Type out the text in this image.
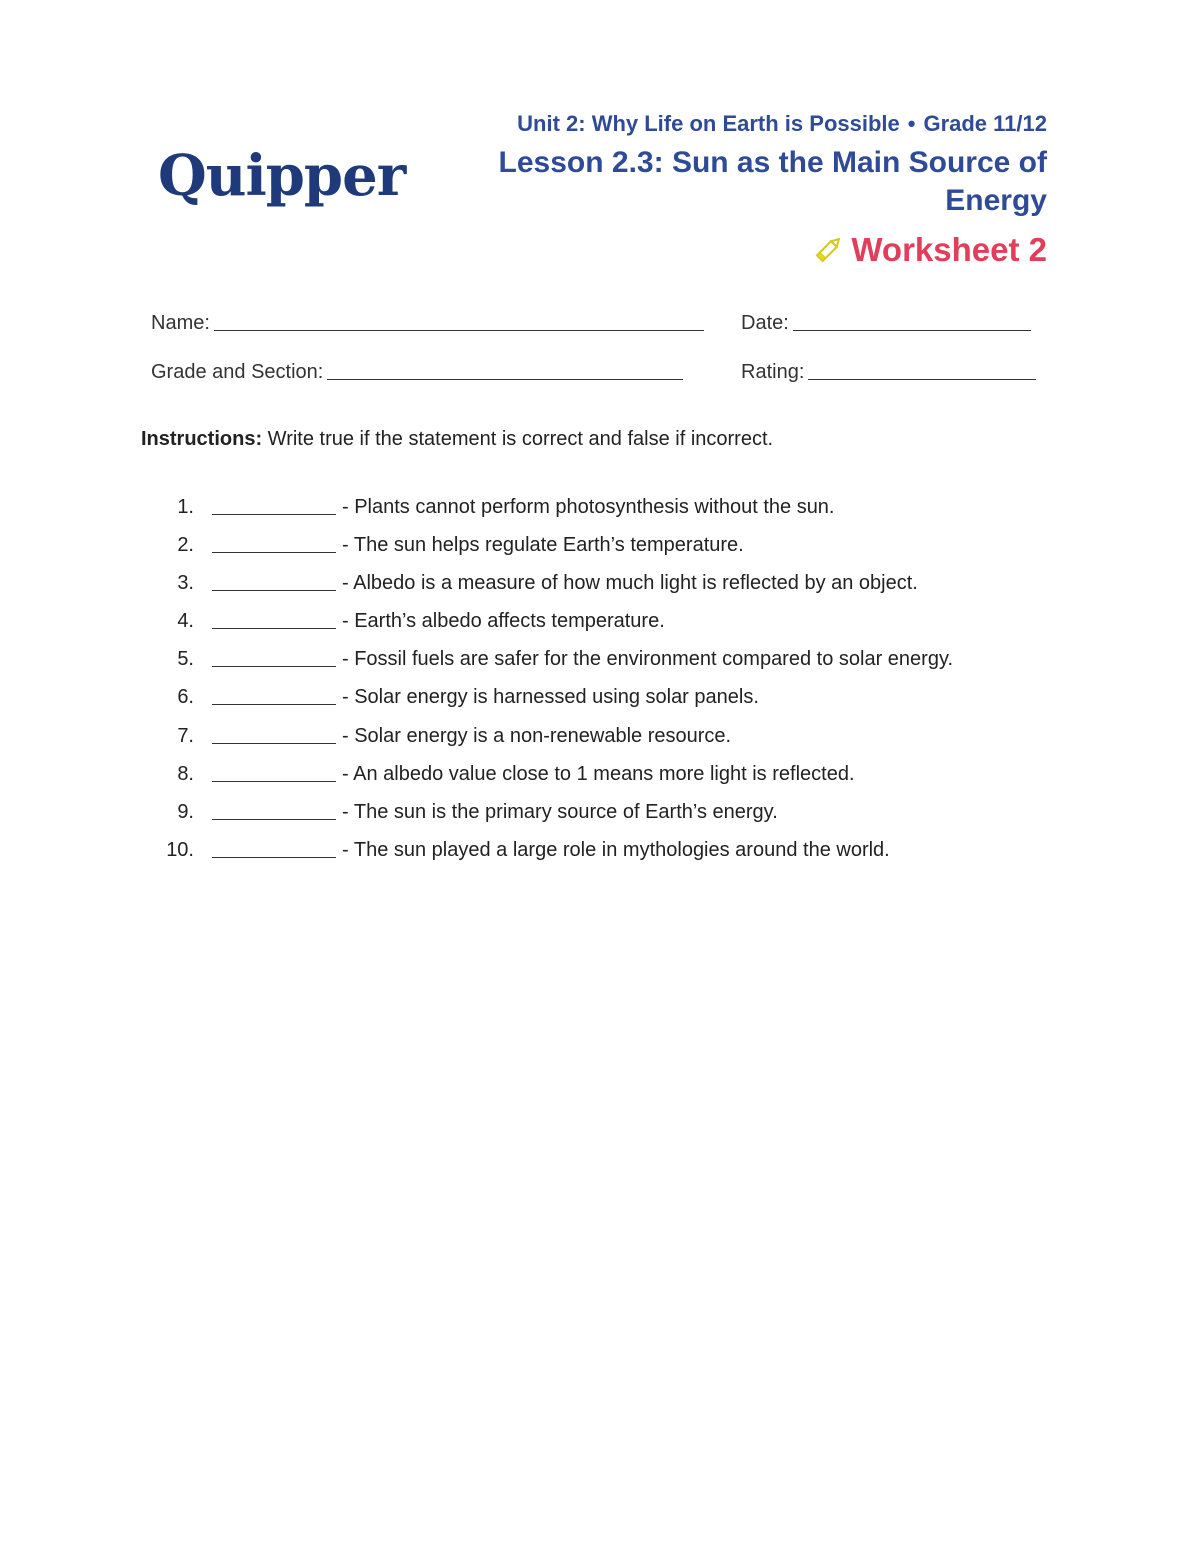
Quipper
Unit 2: Why Life on Earth is Possible • Grade 11/12
Lesson 2.3: Sun as the Main Source of
Energy
Worksheet 2
Name:	Date:
Grade and Section:	Rating:
Instructions: Write true if the statement is correct and false if incorrect.
1.	- Plants cannot perform photosynthesis without the sun.
2.	- The sun helps regulate Earth’s temperature.
3.	- Albedo is a measure of how much light is reflected by an object.
4.	- Earth’s albedo affects temperature.
5.	- Fossil fuels are safer for the environment compared to solar energy.
6.	- Solar energy is harnessed using solar panels.
7.	- Solar energy is a non-renewable resource.
8.	- An albedo value close to 1 means more light is reflected.
9.	- The sun is the primary source of Earth’s energy.
10.	- The sun played a large role in mythologies around the world.
